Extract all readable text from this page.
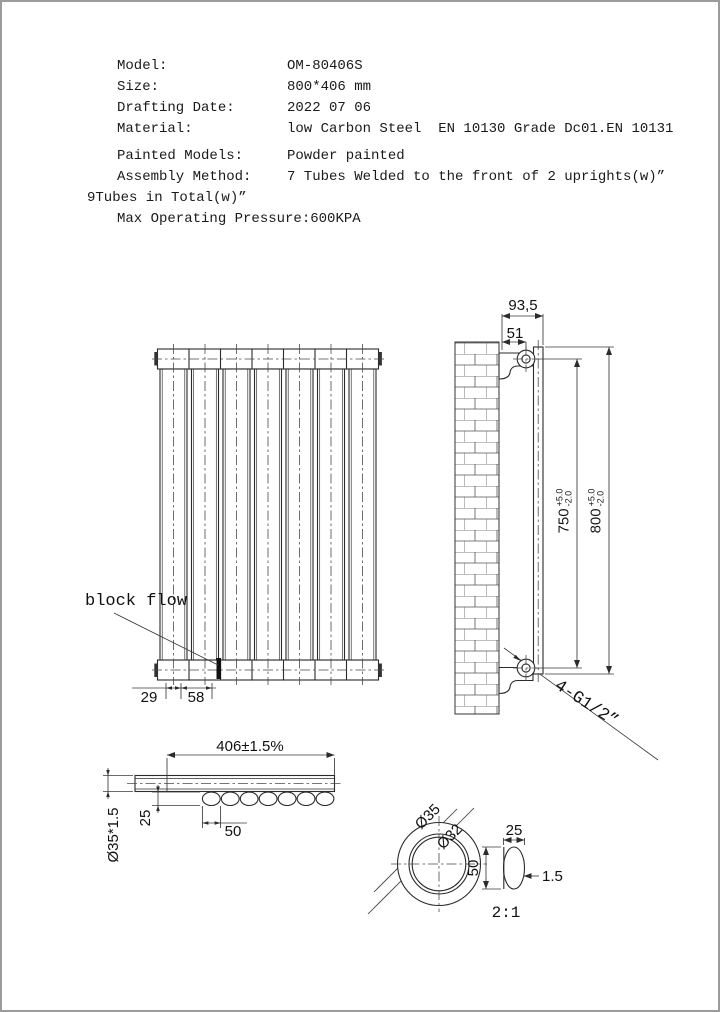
Model:	OM-80406S
Size:	800*406 mm
Drafting Date:	2022 07 06
Material:	low Carbon Steel  EN 10130 Grade Dc01.EN 10131
Painted Models:	Powder painted
Assembly Method:	7 Tubes Welded to the front of 2 uprights(w)”
9Tubes in Total(w)”
Max Operating Pressure: 600KPA
block flow
29 58
93,5
51
4-G1/2”
406±1.5%
50
25
Ø35*1.5	Ø35
Ø32	25
50	1.5
2:1
750
+5.0
-2.0
800
+5.0
-2.0
